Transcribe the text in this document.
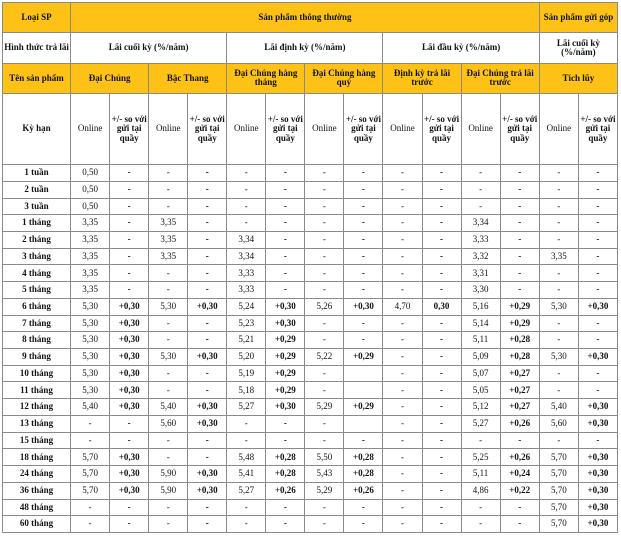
Loại SP	Sản phẩm thông thường												Sản phẩm gửi góp	
Hình thức trả lãi	Lãi cuối kỳ (%/năm)				Lãi định kỳ (%/năm)				Lãi đầu kỳ (%/năm)				Lãi cuối kỳ (%/năm)	
Tên sản phẩm	Đại Chúng		Bậc Thang		Đại Chúng hàng tháng		Đại Chúng hàng quý		Định kỳ trả lãi trước		Đại Chúng trả lãi trước		Tích lũy	
Kỳ hạn	Online	+/- so với gửi tại quầy	Online	+/- so với gửi tại quầy	Online	+/- so với gửi tại quầy	Online	+/- so với gửi tại quầy	Online	+/- so với gửi tại quầy	Online	+/- so với gửi tại quầy	Online	+/- so với gửi tại quầy
1 tuần	0,50	-	-	-	-	-	-	-	-	-	-	-	-	-
2 tuần	0,50	-	-	-	-	-	-	-	-	-	-	-	-	-
3 tuần	0,50	-	-	-	-	-	-	-	-	-	-	-	-	-
1 tháng	3,35	-	3,35	-	-	-	-	-	-	-	3,34	-	-	-
2 tháng	3,35	-	3,35	-	3,34	-	-	-	-	-	3,33	-	-	-
3 tháng	3,35	-	3,35	-	3,34	-	-	-	-	-	3,32	-	3,35	-
4 tháng	3,35	-	-	-	3,33	-	-	-	-	-	3,31	-	-	-
5 tháng	3,35	-	-	-	3,33	-	-	-	-	-	3,30	-	-	-
6 tháng	5,30	+0,30	5,30	+0,30	5,24	+0,30	5,26	+0,30	4,70	0,30	5,16	+0,29	5,30	+0,30
7 tháng	5,30	+0,30	-	-	5,23	+0,30	-	-	-	-	5,14	+0,29	-	-
8 tháng	5,30	+0,30	-	-	5,21	+0,29	-	-	-	-	5,11	+0,28	-	-
9 tháng	5,30	+0,30	5,30	+0,30	5,20	+0,29	5,22	+0,29	-	-	5,09	+0,28	5,30	+0,30
10 tháng	5,30	+0,30	-	-	5,19	+0,29	-		-	-	5,07	+0,27	-	-
11 tháng	5,30	+0,30	-	-	5,18	+0,29	-		-	-	5,05	+0,27	-	-
12 tháng	5,40	+0,30	5,40	+0,30	5,27	+0,30	5,29	+0,29	-	-	5,12	+0,27	5,40	+0,30
13 tháng	-	-	5,60	+0,30	-	-	-		-	-	5,27	+0,26	5,60	+0,30
15 tháng	-	-	-	-	-	-	-	-	-	-	-	-	-	-
18 tháng	5,70	+0,30	-	-	5,48	+0,28	5,50	+0,28	-	-	5,25	+0,26	5,70	+0,30
24 tháng	5,70	+0,30	5,90	+0,30	5,41	+0,28	5,43	+0,28	-	-	5,11	+0,24	5,70	+0,30
36 tháng	5,70	+0,30	5,90	+0,30	5,27	+0,26	5,29	+0,26	-	-	4,86	+0,22	5,70	+0,30
48 tháng	-	-	-	-	-	-	-	-	-	-	-	-	5,70	+0,30
60 tháng	-	-	-	-	-	-	-	-	-	-	-	-	5,70	+0,30
